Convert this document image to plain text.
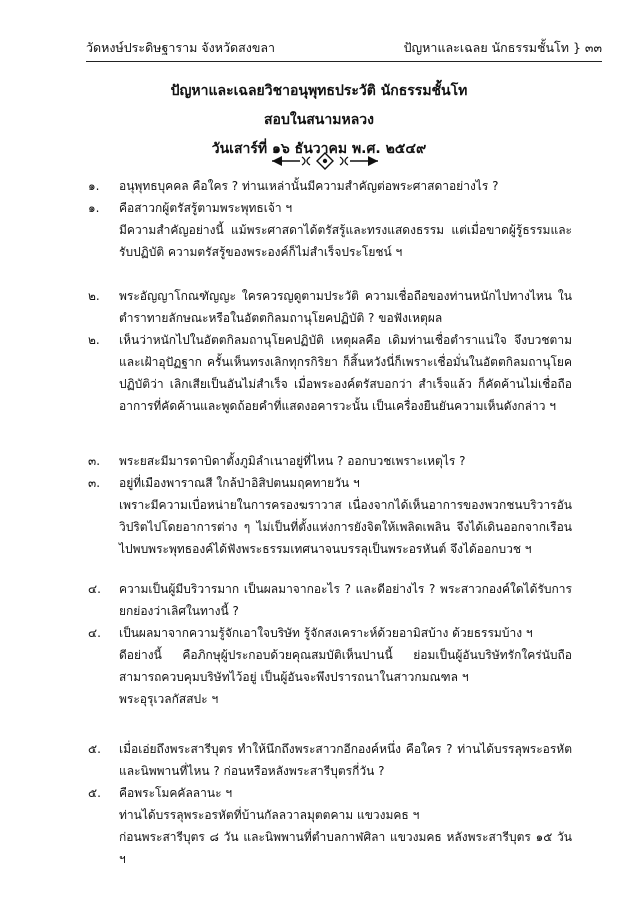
วัดหงษ์ประดิษฐาราม จังหวัดสงขลา	ปัญหาและเฉลย นักธรรมชั้นโท } ๓๓
ปัญหาและเฉลยวิชาอนุพุทธประวัติ นักธรรมชั้นโท
สอบในสนามหลวง
วันเสาร์ที่ ๑๖ ธันวาคม พ.ศ. ๒๕๔๙
๑.	อนุพุทธบุคคล คือใคร ? ท่านเหล่านั้นมีความสำคัญต่อพระศาสดาอย่างไร ?

๑.	คือสาวกผู้ตรัสรู้ตามพระพุทธเจ้า ฯ

มีความสำคัญอย่างนี้ แม้พระศาสดาได้ตรัสรู้และทรงแสดงธรรม แต่เมื่อขาดผู้รู้ธรรมและรับปฏิบัติ ความตรัสรู้ของพระองค์ก็ไม่สำเร็จประโยชน์ ฯ

๒.	พระอัญญาโกณฑัญญะ ใครควรญดูตามประวัติ ความเชื่อถือของท่านหนักไปทางไหน ในตำราทายลักษณะหรือในอัตตกิลมถานุโยคปฏิบัติ ? ขอฟังเหตุผล

๒.	เห็นว่าหนักไปในอัตตกิลมถานุโยคปฏิบัติ เหตุผลคือ เดิมท่านเชื่อตำราแน่ใจ จึงบวชตามและเฝ้าอุปัฏฐาก ครั้นเห็นทรงเลิกทุกรกิริยา ก็สิ้นหวังนี่ก็เพราะเชื่อมั่นในอัตตกิลมถานุโยคปฏิบัติว่า เลิกเสียเป็นอันไม่สำเร็จ เมื่อพระองค์ตรัสบอกว่า สำเร็จแล้ว ก็คัดค้านไม่เชื่อถือ อาการที่คัดค้านและพูดถ้อยคำที่แสดงอคารวะนั้น เป็นเครื่องยืนยันความเห็นดังกล่าว ฯ

๓.	พระยสะมีมารดาบิดาตั้งภูมิลำเนาอยู่ที่ไหน ? ออกบวชเพราะเหตุไร ?

๓.	อยู่ที่เมืองพาราณสี ใกล้ป่าอิสิปตนมฤคทายวัน ฯ

เพราะมีความเบื่อหน่ายในการครองฆราวาส เนื่องจากได้เห็นอาการของพวกชนบริวารอันวิปริตไปโดยอาการต่าง ๆ ไม่เป็นที่ตั้งแห่งการยังจิตให้เพลิดเพลิน จึงได้เดินออกจากเรือนไปพบพระพุทธองค์ได้ฟังพระธรรมเทศนาจนบรรลุเป็นพระอรหันต์ จึงได้ออกบวช ฯ

๔.	ความเป็นผู้มีบริวารมาก เป็นผลมาจากอะไร ? และดีอย่างไร ? พระสาวกองค์ใดได้รับการยกย่องว่าเลิศในทางนี้ ?

๔.	เป็นผลมาจากความรู้จักเอาใจบริษัท รู้จักสงเคราะห์ด้วยอามิสบ้าง ด้วยธรรมบ้าง ฯ

ดีอย่างนี้ คือภิกษุผู้ประกอบด้วยคุณสมบัติเห็นปานนี้ ย่อมเป็นผู้อันบริษัทรักใคร่นับถือ สามารถควบคุมบริษัทไว้อยู่ เป็นผู้อันจะพึงปรารถนาในสาวกมณฑล ฯ

พระอุรุเวลกัสสปะ ฯ

๕.	เมื่อเอ่ยถึงพระสารีบุตร ทำให้นึกถึงพระสาวกอีกองค์หนึ่ง คือใคร ? ท่านได้บรรลุพระอรหัต และนิพพานที่ไหน ? ก่อนหรือหลังพระสารีบุตรกี่วัน ?

๕.	คือพระโมคคัลลานะ ฯ

ท่านได้บรรลุพระอรหัตที่บ้านกัลลวาลมุตตคาม แขวงมคธ ฯ

ก่อนพระสารีบุตร ๘ วัน และนิพพานที่ตำบลกาฬศิลา แขวงมคธ หลังพระสารีบุตร ๑๕ วัน ฯ
